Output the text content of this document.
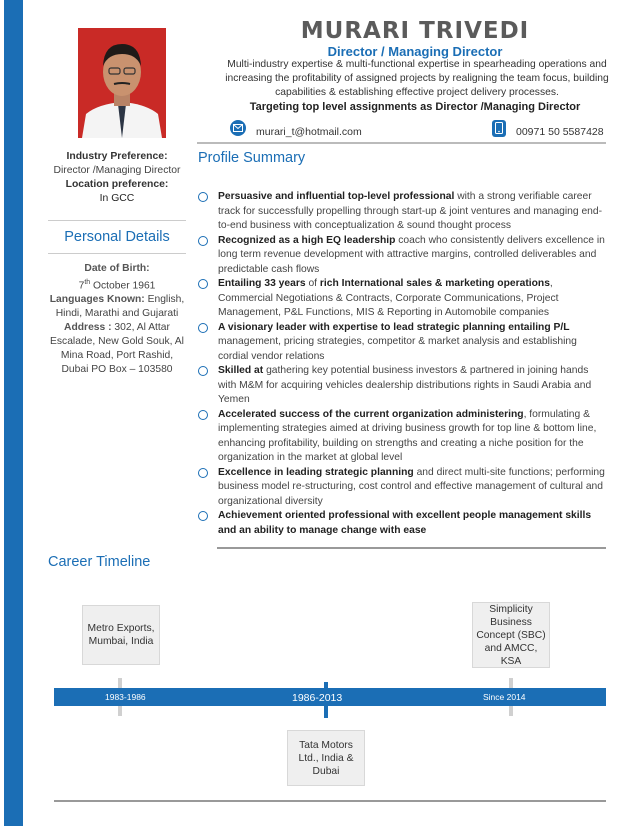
MURARI TRIVEDI
Director / Managing Director
Multi-industry expertise & multi-functional expertise in spearheading operations and increasing the profitability of assigned projects by realigning the team focus, building capabilities & establishing effective project delivery processes.
Targeting top level assignments as Director /Managing Director
murari_t@hotmail.com	00971 50 5587428
Industry Preference:
Director /Managing Director
Location preference:
In GCC
Personal Details
Date of Birth:
7th October 1961
Languages Known: English, Hindi, Marathi and Gujarati
Address : 302, Al Attar Escalade, New Gold Souk, Al Mina Road, Port Rashid, Dubai PO Box – 103580
Profile Summary
Persuasive and influential top-level professional with a strong verifiable career track for successfully propelling through start-up & joint ventures and managing end-to-end business with conceptualization & sound thought process
Recognized as a high EQ leadership coach who consistently delivers excellence in long term revenue development with attractive margins, controlled deliverables and predictable cash flows
Entailing 33 years of rich International sales & marketing operations, Commercial Negotiations & Contracts, Corporate Communications, Project Management, P&L Functions, MIS & Reporting in Automobile companies
A visionary leader with expertise to lead strategic planning entailing P/L management, pricing strategies, competitor & market analysis and establishing cordial vendor relations
Skilled at gathering key potential business investors & partnered in joining hands with M&M for acquiring vehicles dealership distributions rights in Saudi Arabia and Yemen
Accelerated success of the current organization administering, formulating & implementing strategies aimed at driving business growth for top line & bottom line, enhancing profitability, building on strengths and creating a niche position for the organization in the market at global level
Excellence in leading strategic planning and direct multi-site functions; performing business model re-structuring, cost control and effective management of cultural and organizational diversity
Achievement oriented professional with excellent people management skills and an ability to manage change with ease
Career Timeline
Metro Exports, Mumbai, India
Simplicity Business Concept (SBC) and AMCC, KSA
Tata Motors Ltd., India & Dubai
1983-1986	1986-2013	Since 2014
